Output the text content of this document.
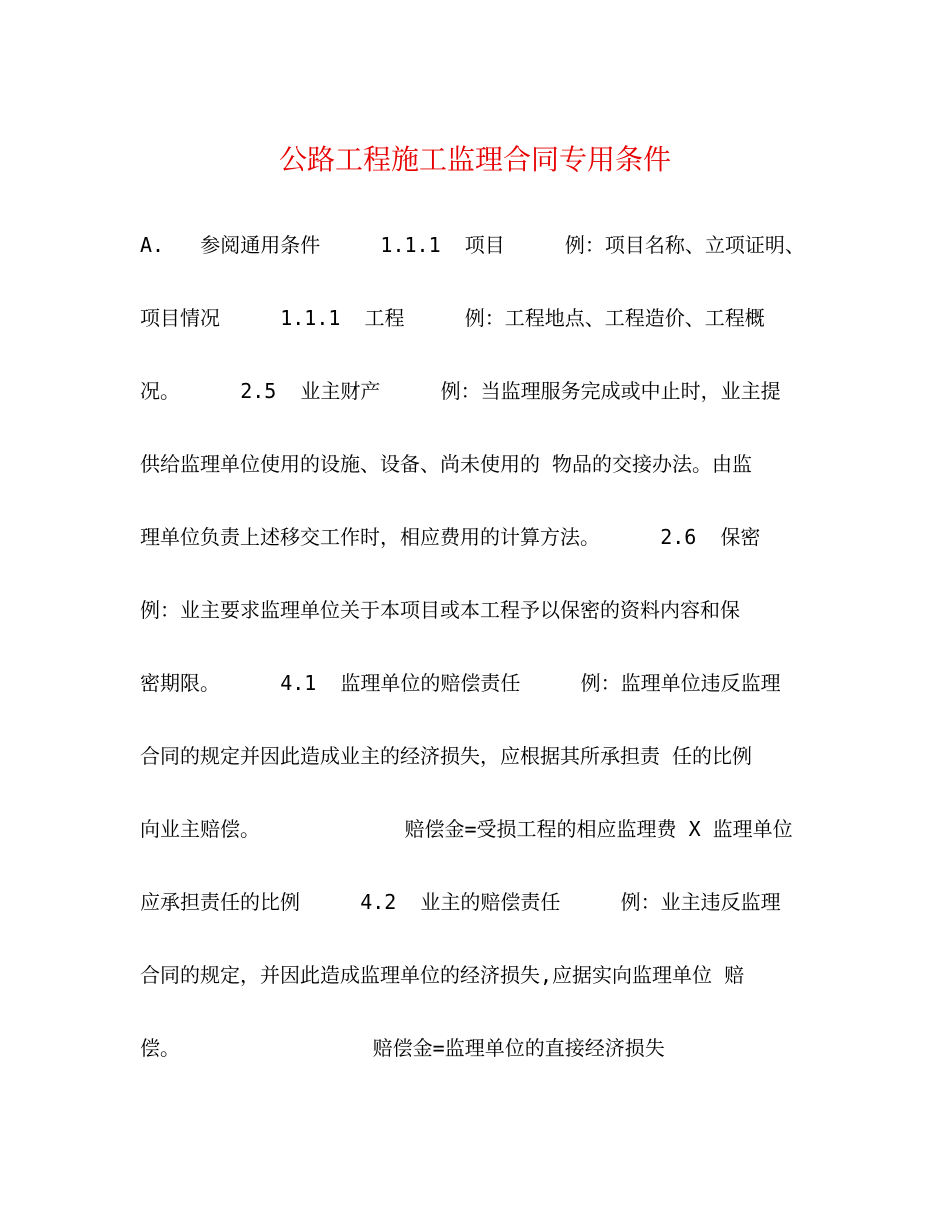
公路工程施工监理合同专用条件
A.   参阅通用条件     1.1.1  项目     例：项目名称、立项证明、
项目情况     1.1.1  工程     例：工程地点、工程造价、工程概
况。     2.5  业主财产     例：当监理服务完成或中止时，业主提
供给监理单位使用的设施、设备、尚未使用的 物品的交接办法。由监
理单位负责上述移交工作时，相应费用的计算方法。     2.6  保密
例：业主要求监理单位关于本项目或本工程予以保密的资料内容和保
密期限。     4.1  监理单位的赔偿责任     例：监理单位违反监理
合同的规定并因此造成业主的经济损失，应根据其所承担责 任的比例
向业主赔偿。            赔偿金=受损工程的相应监理费 X 监理单位
应承担责任的比例     4.2  业主的赔偿责任     例：业主违反监理
合同的规定，并因此造成监理单位的经济损失,应据实向监理单位 赔
偿。                赔偿金=监理单位的直接经济损失
